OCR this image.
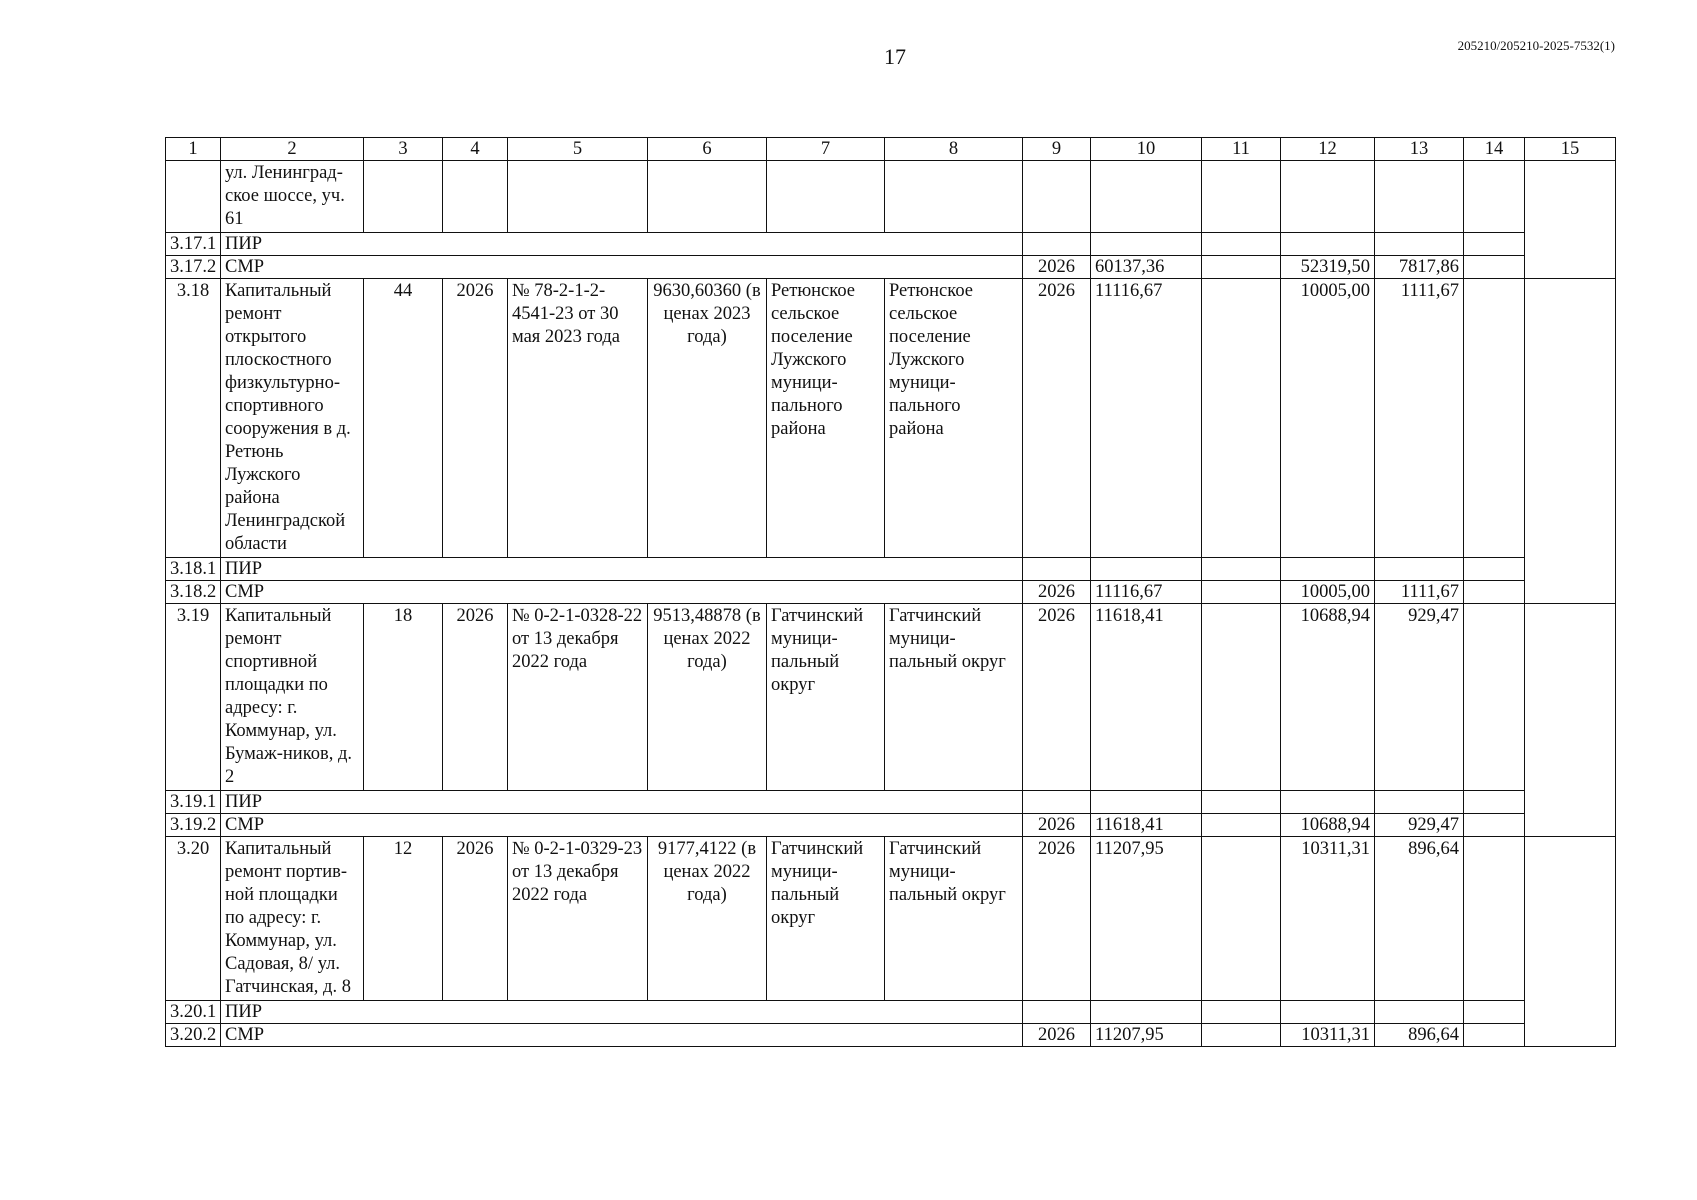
17	205210/205210-2025-7532(1)
1	2	3	4	5	6	7	8	9	10	11	12	13	14	15
	ул. Ленинград-ское шоссе, уч. 61													
3.17.1	ПИР													
3.17.2	СМР							2026	60137,36		52319,50	7817,86		
3.18	Капитальный ремонт открытого плоскостного физкультурно-спортивного сооружения в д. Ретюнь Лужского района Ленинградской области	44	2026	№ 78-2-1-2-4541-23 от 30 мая 2023 года	9630,60360 (в ценах 2023 года)	Ретюнское сельское поселение Лужского муници-пального района	Ретюнское сельское поселение Лужского муници-пального района	2026	11116,67		10005,00	1111,67		
3.18.1	ПИР													
3.18.2	СМР							2026	11116,67		10005,00	1111,67		
3.19	Капитальный ремонт спортивной площадки по адресу: г. Коммунар, ул. Бумаж-ников, д. 2	18	2026	№ 0-2-1-0328-22 от 13 декабря 2022 года	9513,48878 (в ценах 2022 года)	Гатчинский муници-пальный округ	Гатчинский муници-пальный округ	2026	11618,41		10688,94	929,47		
3.19.1	ПИР													
3.19.2	СМР							2026	11618,41		10688,94	929,47		
3.20	Капитальный ремонт портив-ной площадки по адресу: г. Коммунар, ул. Садовая, 8/ ул. Гатчинская, д. 8	12	2026	№ 0-2-1-0329-23 от 13 декабря 2022 года	9177,4122 (в ценах 2022 года)	Гатчинский муници-пальный округ	Гатчинский муници-пальный округ	2026	11207,95		10311,31	896,64		
3.20.1	ПИР													
3.20.2	СМР							2026	11207,95		10311,31	896,64		
